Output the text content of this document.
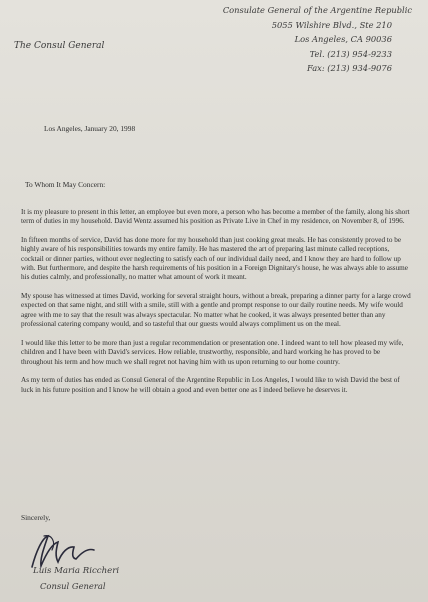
Consulate General of the Argentine Republic
5055 Wilshire Blvd., Ste 210
Los Angeles, CA 90036
Tel. (213) 954-9233
Fax: (213) 934-9076
The Consul General
Los Angeles, January 20, 1998
To Whom It May Concern:

It is my pleasure to present in this letter, an employee but even more, a person who has become a member of the family, along his short term of duties in my household. David Wentz assumed his position as Private Live in Chef in my residence, on November 8, of 1996.

In fifteen months of service, David has done more for my household than just cooking great meals. He has consistently proved to be highly aware of his responsibilities towards my entire family. He has mastered the art of preparing last minute called receptions, cocktail or dinner parties, without ever neglecting to satisfy each of our individual daily need, and I know they are hard to follow up with. But furthermore, and despite the harsh requirements of his position in a Foreign Dignitary's house, he was always able to assume his duties calmly, and professionally, no matter what amount of work it meant.

My spouse has witnessed at times David, working for several straight hours, without a break, preparing a dinner party for a large crowd expected on that same night, and still with a smile, still with a gentle and prompt response to our daily routine needs. My wife would agree with me to say that the result was always spectacular. No matter what he cooked, it was always presented better than any professional catering company would, and so tasteful that our guests would always compliment us on the meal.

I would like this letter to be more than just a regular recommendation or presentation one. I indeed want to tell how pleased my wife, children and I have been with David's services. How reliable, trustworthy, responsible, and hard working he has proved to be throughout his term and how much we shall regret not having him with us upon returning to our home country.

As my term of duties has ended as Consul General of the Argentine Republic in Los Angeles, I would like to wish David the best of luck in his future position and I know he will obtain a good and even better one as I indeed believe he deserves it.

Sincerely,
Luis Maria Riccheri
Consul General
